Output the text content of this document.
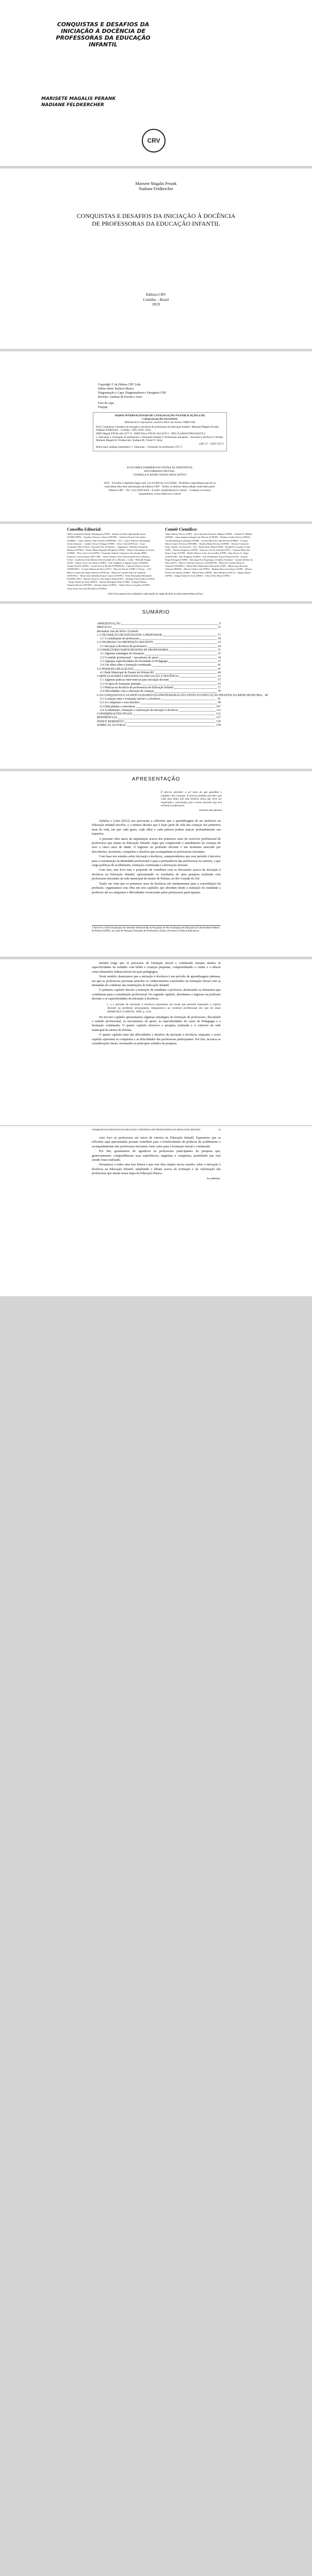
CONQUISTAS E DESAFIOS DA INICIAÇÃO À DOCÊNCIA DE PROFESSORAS DA EDUCAÇÃO INFANTIL
MARISETE MAGALIS PERANK
NADIANE FELDKERCHER
CRV
Marisete Magalis Perank
Nadiane Feldkercher
CONQUISTAS E DESAFIOS DA INICIAÇÃO À DOCÊNCIA DE PROFESSORAS DA EDUCAÇÃO INFANTIL
Editora CRV
Curitiba – Brasil
2019
Copyright © da Editora CRV Ltda.
Editor-chefe: Railson Moura
Diagramação e Capa: Diagramadores e Designers CRV
Revisão: Analista de Escrita e Artes
Foto de capa
Freepik
DADOS INTERNACIONAIS DE CATALOGAÇÃO NA PUBLICAÇÃO (CIP)
CATALOGAÇÃO NA FONTE
Bibliotecária responsável: Luzenira Alves dos Santos CRB9/1506
P445 Conquistas e desafios da iniciação à docência de professoras da Educação Infantil / Marisete Magalis Perank, Nadiane Feldkercher – Curitiba : CRV, 2019. 140 p.
ISBN Digital 978-85-444-3277-9 · ISBN Físico 978-85-444-3276-2 · DOI 10.24824/978854443276.2
1. Educação 2. Formação de professores 3. Educação Infantil 4. Professores iniciantes – Iniciação à docência I. Perank, Marisete Magalis II. Feldkercher, Nadiane III. Título IV. Série
CDU 37 · CDD 370.71
Índice para catálogo sistemático: 1. Educação – Formação de professores 370.71
ESTA OBRA TAMBÉM ENCONTRA-SE DISPONÍVEL
EM FORMATO DIGITAL.
CONHEÇA E BAIXE NOSSO APLICATIVO!
2019 · Foi feito o depósito legal conf. Lei 10.994 de 14/12/2004 · Proibida a reprodução parcial ou total desta obra sem autorização da Editora CRV · Todos os direitos desta edição reservados pela: Editora CRV · Tel.: (41) 3039-6418 · E-mail: sac@editoracrv.com.br · Conheça os nossos lançamentos: www.editoracrv.com.br
Conselho Editorial:
Aldira Guimarães Duarte Domínguez (UNB) · Andréia da Silva Quintanilha Sousa (UNIR/UFRN) · Anselmo Alencar Colares (UFOPA) · Antônio Pereira Gaio Júnior (UFRRJ) · Carlos Alberto Vilar Estêvão (UMINHO – PT) · Carlos Federico Dominguez Avila (Unieuro) · Carmen Tereza Velanga (UNIR) · Celso Conti (UFSCar) · Cesar Gerónimo Tello (Univer. Nacional Três de Febrero – Argentina) · Eduardo Fernandes Barbosa (UFMG) · Elione Maria Nogueira Diogenes (UFAL) · Elizeu Clementino de Souza (UNEB) · Élsio José Corá (UFFS) · Fernando Antônio Gonçalves Alcoforado (IPB) · Francisco Carlos Duarte (PUC-PR) · Gloria Fariñas León (Universidade de La Havana – Cuba) · Guillermo Arias Beatón (Universidade de La Havana – Cuba) · Helmuth Krüger (UCP) · Jailson Alves dos Santos (UFRJ) · João Adalberto Campato Junior (UNESP) · Josania Portela (UFPI) · Leonel Severo Rocha (UNISINOS) · Lídia de Oliveira Xavier (UNIEURO) · Lourdes Helena da Silva (UFV) · Marcelo Paixão (UFRJ e UTexas – US) · Maria Cristina dos Santos Bezerra (UFSCar) · Maria de Lourdes Pinto de Almeida (UNOESC) · Maria Lília Imbiriba Sousa Colares (UFOPA) · Paulo Romualdo Hernandes (UNIFAL-MG) · Renato Francisco dos Santos Paula (UFG) · Rodrigo Pratte-Santos (UFES) · Sérgio Nunes de Jesus (IFRO) · Simone Rodrigues Pinto (UNB) · Solange Helena Ximenes-Rocha (UFOPA) · Sydione Santos (UEPG) · Tadeu Oliver Gonçalves (UFPA) · Tania Suely Azevedo Brasileiro (UFOPA)
Comitê Científico:
Altair Alberto Fávero (UPF) · Ana Chrystina Venancio Mignot (UERJ) · Andréia N. Militão (UEMS) · Anna Augusta Sampaio de Oliveira (UNESP) · Barbara Coelho Neves (UFBA) · Cati Reckelberg Azambuja (UFSM) · Cecília Maria de Lima Pereira (UFRN) · Cristina Maria Gomes Ferreira (UNIUBE) · Daniela Maria Ferreira (UFRN) · Diosnel Centurion (Univ Americ. de Asunción – Py) · Eliane Rose Maio (UEM) · Elizabeth Gonçalves Lima (UPF) · Fauston Negreiros (UFPI) · Francisco Ari de Andrade (UFC) · Gláucia Maria dos Santos Jorge (UFOP) · Helder Buenos Aires de Carvalho (UFPI) · Ilma Passos A. Veiga (UNICEUB) · Inês Bragança (UERJ) · José de Ribamar Sousa Pereira (UCB) · Jussara Fraga Portugal (UNEB) · Kilwangy Kya Kapitango-a-Samba (Unemat) · Lourdes Helena da Silva (UFV) · Marcos Vinicius Francisco (UNOESTE) · Maria de Lourdes Pinto de Almeida (UNOESC) · Maria Eliza Mattosinho Bernardes (USP) · Maria Luisa Frezado Almeida (FEPAI) · Marisa Lobão Leal (UFPA) · Marlene Rosa dos Santos (UFPI) · Mônica Pereira dos Santos (UFRJ) · Mirian Pinto (UERJ) · Rita Mitidieri (UFCG) · Sérgio Duarte (UFPA) · Sérgio Nunes de Jesus (IFRO) · Silvio Silva Mota (UFPA)
Este livro passou por avaliação e aprovação às cegas de dois ou mais pareceristas ad hoc.
SUMÁRIO
APRESENTAÇÃO	9
PREFÁCIO	15
Bernadete Ano da Silva e Gratiela
1 A TRANSIÇÃO DE ESTUDANTE A PROFESSOR	17
1.1 A constituição de professores	18
2 O INGRESSO NA PROFISSÃO DOCENTE	23
2.1 Iniciação à docência de professores	24
3 CONHECENDO PARTICIPANTES DE PROFESSORES	31
3.1 Algumas estratégias de formação	33
3.2 O sentido profissional – mecanismo de apoio	34
3.3 Algumas especificidades da Sociedade no Pedagogia	37
3.4 Um olhar sobre a formação continuada	41
4 A PESQUISA REALIZADA	47
4.1 Rede Municipal de Ensino de Pelotas-RS	49
5 DIFICULDADES E DESAFIOS DA INICIAÇÃO À DOCÊNCIA	53
5.1 Algumas práticas interventivas para iniciação docente	57
5.2 Os tipos de formação prestada	63
5.3 Práticas na docência de professoras em Educação Infantil	71
5.4 Dificuldades com a educação de crianças	79
6 AS CONQUISTAS E AS DIFICULDADES DAS PROFESSORAS ATUANTES NA EDUCAÇÃO INFANTIL DA REDE MUNICIPAL 89
6.1 A relação entre a formação inicial e a docência	91
6.2 As conquistas e seus desafios	99
6.3 Dificuldades e relevância	107
6.4 Acolhimento, formação e valorização da iniciação à docência	113
CONSIDERAÇÕES FINAIS	121
REFERÊNCIAS	127
ÍNDICE REMISSIVO	135
SOBRE AS AUTORAS	139
APRESENTAÇÃO
É preciso aprender a ser mais do que guardião e cuidador das crianças. É preciso também perceber que cada uma delas tem uma história única que deve ser respeitada e valorizada, pois é nesse encontro que nos tornamos professoras.
(Autoria das autoras)

Zabalza e Leite (2012) nos provocam a reflexões que o aprendizagem de ser professor na Educação Infantil envolve, e o imenso desafio que é fazer parte da vida das crianças nos primeiros anos de vida, em que cada gesto, cada olhar e cada palavra podem marcar profundamente sua trajetória.

A presente obra nasce da inquietação acerca dos primeiros anos de exercício profissional de professoras que atuam na Educação Infantil, etapa que compreende o atendimento de crianças de zero a cinco anos de idade. O ingresso na profissão docente é um momento marcado por descobertas, incertezas, conquistas e desafios que acompanham as professoras iniciantes.

Com base nos estudos sobre iniciação à docência, compreendemos que esse período é decisivo para a constituição da identidade profissional e para a permanência das professoras na carreira, o que exige políticas de acolhimento, formação continuada e valorização docente.

Com isso, este livro tem o propósito de contribuir com as discussões acerca da iniciação à docência na Educação Infantil, apresentando os resultados de uma pesquisa realizada com professoras iniciantes da rede municipal de ensino de Pelotas, no Rio Grande do Sul.

Tendo em vista que os primeiros anos de docência são fundamentais para a consolidação da profissão, organizamos esta obra em seis capítulos que abordam desde a transição de estudante a professor até as conquistas e dificuldades vivenciadas pelas professoras participantes.

1 Este livro é fruto de pesquisa de mestrado desenvolvida no Programa de Pós-Graduação em Educação da Universidade Federal de Pelotas (UFPel), na Linha de Pesquisa Formação de Professores, Ensino, Processos e Práticas Educativas.

Infantil exige que os processos de formação inicial e continuada estejam atentos às especificidades do trabalho com bebês e crianças pequenas, compreendendo o cuidar e o educar como dimensões indissociáveis da ação pedagógica.

Neste sentido, destacamos que a iniciação à docência é um período de aprendizagens intensas, em que as professoras precisam articular os conhecimentos construídos na formação inicial com as demandas do cotidiano das instituições de Educação Infantil.

O primeiro capítulo discute a transição de estudante a professor, destacando os elementos que contribuem para a constituição profissional. No segundo capítulo, abordamos o ingresso na profissão docente e as especificidades da iniciação à docência.

[...] o período de iniciação à docência representa um ritual que permite transmitir a cultura docente ao professor principiante, integrando-o ao contexto profissional em que irá atuar (MARCELO GARCÍA, 1999, p. 114).

No terceiro capítulo apresentamos algumas estratégias de formação de professores, discutindo o sentido profissional, os mecanismos de apoio, as especificidades do curso de Pedagogia e a formação continuada. O quarto capítulo descreve a pesquisa realizada e o contexto da rede municipal de ensino de Pelotas.

O quinto capítulo trata das dificuldades e desafios da iniciação à docência, enquanto o sexto capítulo apresenta as conquistas e as dificuldades das professoras participantes. Por fim, tecemos as considerações finais, retomando os principais achados da pesquisa.

CONQUISTAS E DESAFIOS DA INICIAÇÃO À DOCÊNCIA DE PROFESSORAS DA EDUCAÇÃO INFANTIL	11

cisto foco as professoras em início de carreira na Educação Infantil. Esperamos que as reflexões aqui apresentadas possam contribuir para o fortalecimento de políticas de acolhimento e acompanhamento das professoras iniciantes, bem como para a formação inicial e continuada.

Por fim, gostaríamos de agradecer às professoras participantes da pesquisa que, generosamente, compartilharam suas experiências, angústias e conquistas, permitindo que este estudo fosse realizado.

Desejamos a todos uma boa leitura e que esta obra inspire novos estudos sobre a iniciação à docência na Educação Infantil, ampliando o debate acerca da formação e da valorização das professoras que atuam nessa etapa da Educação Básica.

As autoras.
